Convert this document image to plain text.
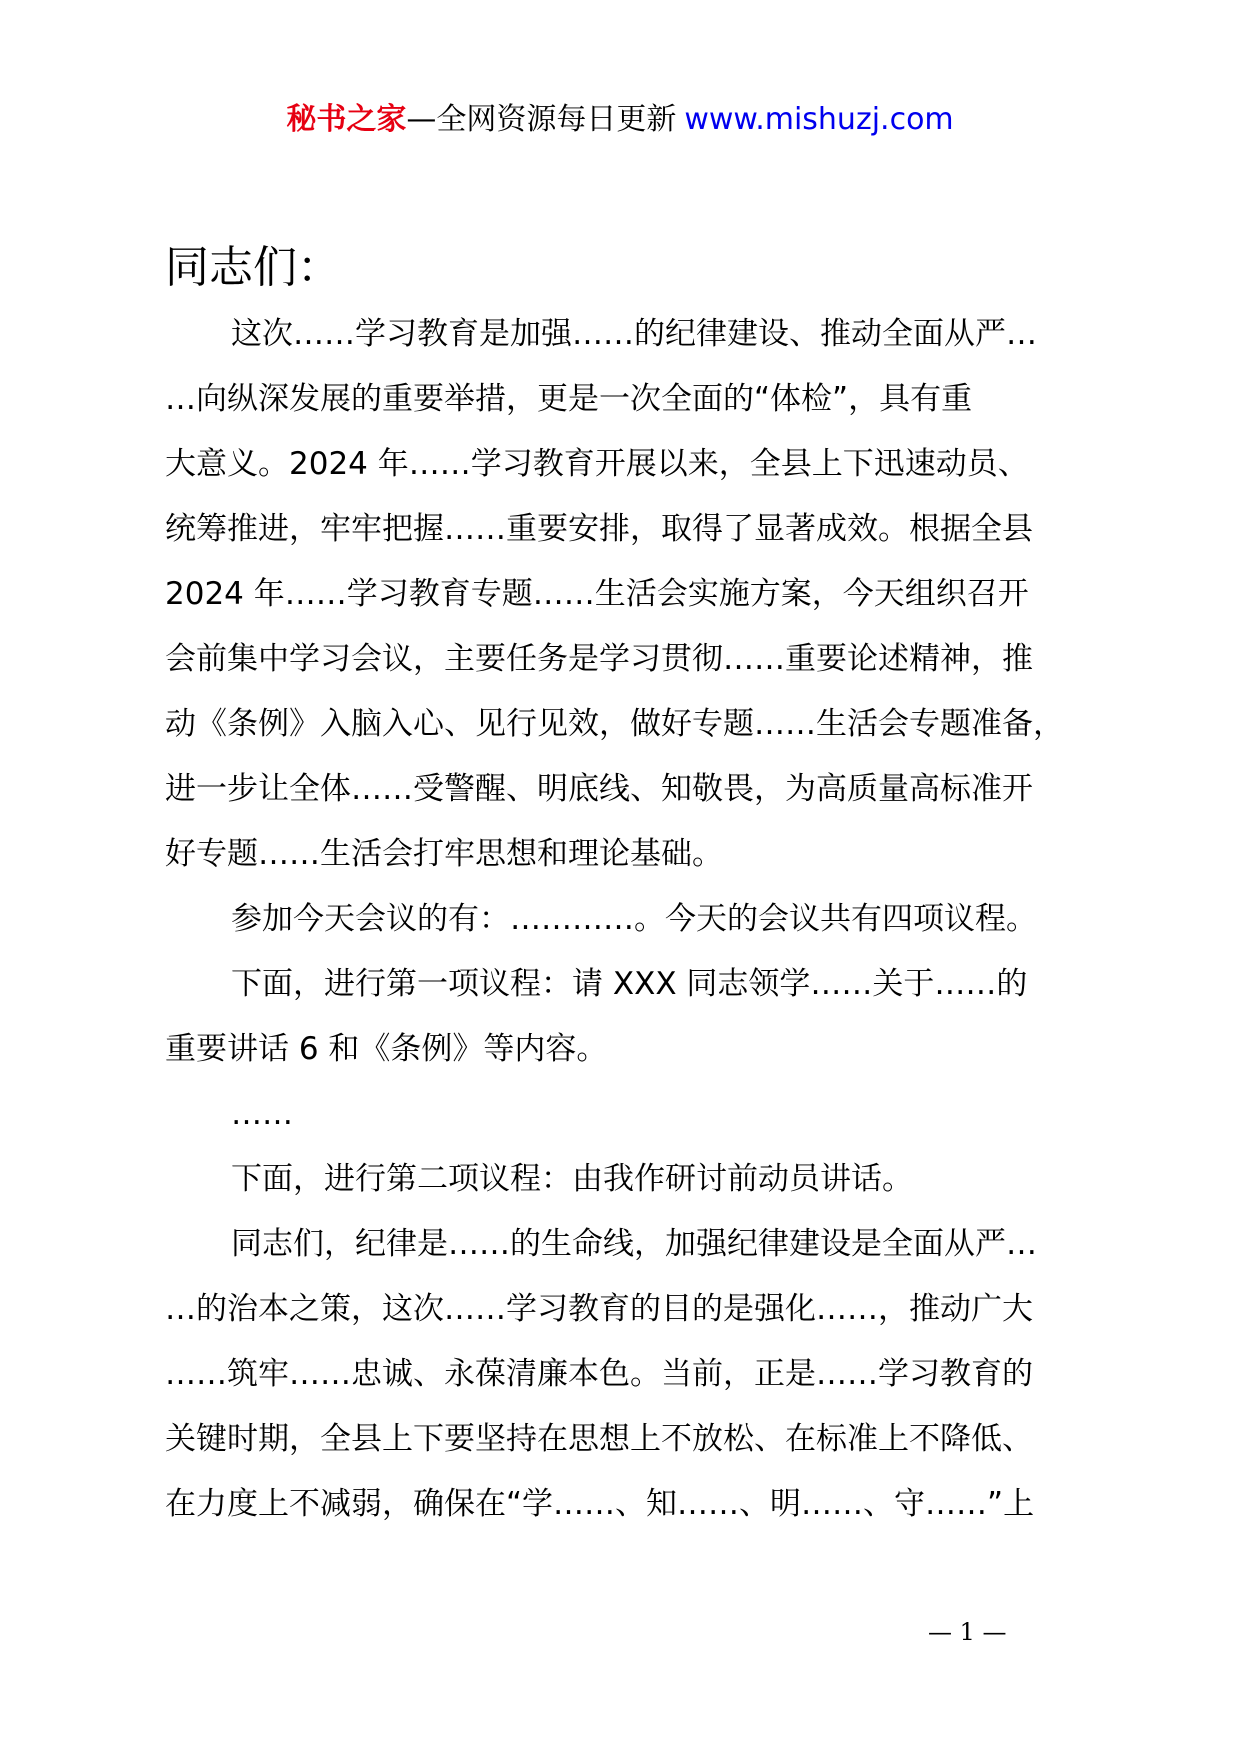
秘书之家—全网资源每日更新 www.mishuzj.com
同志们：
这次……学习教育是加强……的纪律建设、推动全面从严…
…向纵深发展的重要举措，更是一次全面的“体检”，具有重
大意义。2024 年……学习教育开展以来，全县上下迅速动员、
统筹推进，牢牢把握……重要安排，取得了显著成效。根据全县
2024 年……学习教育专题……生活会实施方案，今天组织召开
会前集中学习会议，主要任务是学习贯彻……重要论述精神，推
动《条例》入脑入心、见行见效，做好专题……生活会专题准备，
进一步让全体……受警醒、明底线、知敬畏，为高质量高标准开
好专题……生活会打牢思想和理论基础。
参加今天会议的有：…………。今天的会议共有四项议程。
下面，进行第一项议程：请 XXX 同志领学……关于……的
重要讲话 6 和《条例》等内容。
……
下面，进行第二项议程：由我作研讨前动员讲话。
同志们，纪律是……的生命线，加强纪律建设是全面从严…
…的治本之策，这次……学习教育的目的是强化……，推动广大
……筑牢……忠诚、永葆清廉本色。当前，正是……学习教育的
关键时期，全县上下要坚持在思想上不放松、在标准上不降低、
在力度上不减弱，确保在“学……、知……、明……、守……”上
— 1 —
